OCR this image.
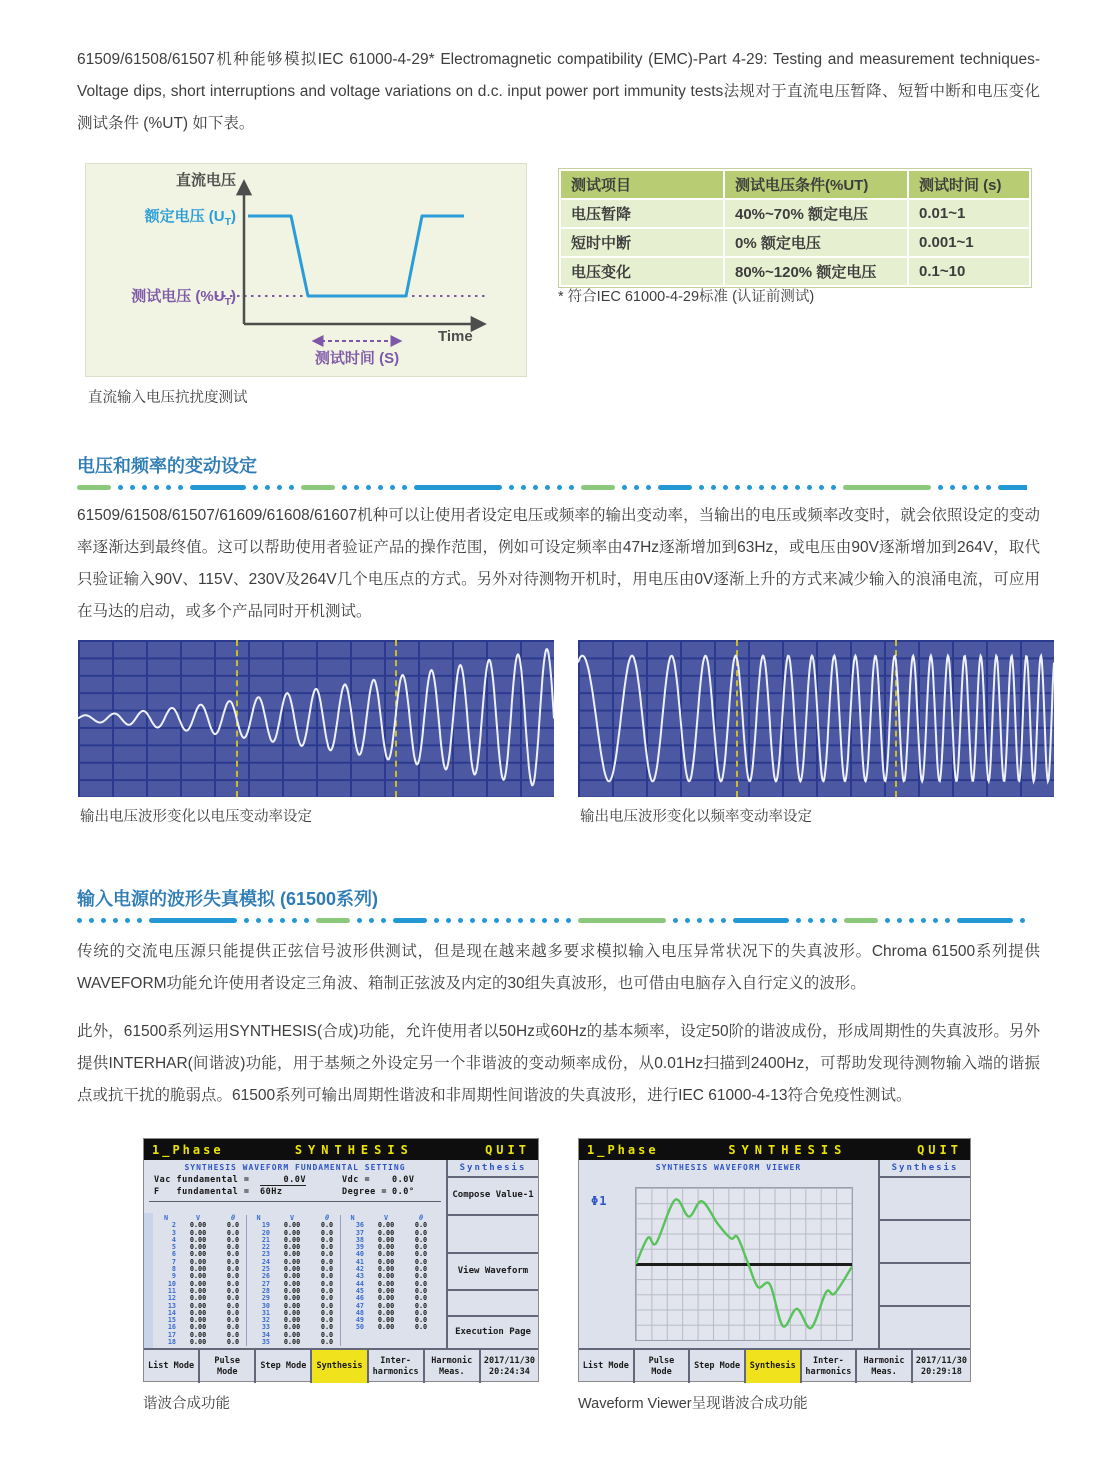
61509/61508/61507机种能够模拟IEC 61000-4-29* Electromagnetic compatibility (EMC)-Part 4-29: Testing and measurement techniques-Voltage dips, short interruptions and voltage variations on d.c. input power port immunity tests法规对于直流电压暂降、短暂中断和电压变化测试条件 (%UT) 如下表。
直流电压
Time
额定电压 $(U_T)$
测试电压 $(\%U_T)$
测试时间 (S)
直流输入电压抗扰度测试
测试项目	测试电压条件(%UT)	测试时间 (s)
电压暂降	40%~70% 额定电压	0.01~1
短时中断	0% 额定电压	0.001~1
电压变化	80%~120% 额定电压	0.1~10
* 符合IEC 61000-4-29标准 (认证前测试)
电压和频率的变动设定
61509/61508/61507/61609/61608/61607机种可以让使用者设定电压或频率的输出变动率，当输出的电压或频率改变时，就会依照设定的变动率逐渐达到最终值。这可以帮助使用者验证产品的操作范围，例如可设定频率由47Hz逐渐增加到63Hz，或电压由90V逐渐增加到264V，取代只验证输入90V、115V、230V及264V几个电压点的方式。另外对待测物开机时，用电压由0V逐渐上升的方式来减少输入的浪涌电流，可应用在马达的启动，或多个产品同时开机测试。
输出电压波形变化以电压变动率设定	输出电压波形变化以频率变动率设定
输入电源的波形失真模拟 (61500系列)
传统的交流电压源只能提供正弦信号波形供测试，但是现在越来越多要求模拟输入电压异常状况下的失真波形。Chroma 61500系列提供WAVEFORM功能允许使用者设定三角波、箱制正弦波及内定的30组失真波形，也可借由电脑存入自行定义的波形。
此外，61500系列运用SYNTHESIS(合成)功能，允许使用者以50Hz或60Hz的基本频率，设定50阶的谐波成份，形成周期性的失真波形。另外提供INTERHAR(间谐波)功能，用于基频之外设定另一个非谐波的变动频率成份，从0.01Hz扫描到2400Hz，可帮助发现待测物输入端的谐振点或抗干扰的脆弱点。61500系列可输出周期性谐波和非周期性间谐波的失真波形，进行IEC 61000-4-13符合免疫性测试。
1_Phase	SYNTHESIS	QUIT
SYNTHESIS WAVEFORM FUNDAMENTAL SETTING
Vac fundamental =	0.0V	Vdc =	0.0V
F   fundamental = 60Hz	Degree = 0.0°
N	V	θ	N	V	θ	N	V	θ
2	0.00	0.0	19	0.00	0.0	36	0.00	0.0
3	0.00	0.0	20	0.00	0.0	37	0.00	0.0
4	0.00	0.0	21	0.00	0.0	38	0.00	0.0
5	0.00	0.0	22	0.00	0.0	39	0.00	0.0
6	0.00	0.0	23	0.00	0.0	40	0.00	0.0
7	0.00	0.0	24	0.00	0.0	41	0.00	0.0
8	0.00	0.0	25	0.00	0.0	42	0.00	0.0
9	0.00	0.0	26	0.00	0.0	43	0.00	0.0
10	0.00	0.0	27	0.00	0.0	44	0.00	0.0
11	0.00	0.0	28	0.00	0.0	45	0.00	0.0
12	0.00	0.0	29	0.00	0.0	46	0.00	0.0
13	0.00	0.0	30	0.00	0.0	47	0.00	0.0
14	0.00	0.0	31	0.00	0.0	48	0.00	0.0
15	0.00	0.0	32	0.00	0.0	49	0.00	0.0
16	0.00	0.0	33	0.00	0.0	50	0.00	0.0
17	0.00	0.0	34	0.00	0.0
18	0.00	0.0	35	0.00	0.0
Synthesis
Compose Value-1
View Waveform
Execution Page
List Mode
Pulse Mode
Step Mode	Synthesis
Inter- harmonics
Harmonic Meas.
2017/11/30 20:24:34
1_Phase	SYNTHESIS	QUIT
SYNTHESIS WAVEFORM VIEWER
Φ1
Synthesis
List Mode
Pulse Mode
Step Mode	Synthesis
Inter- harmonics
Harmonic Meas.
2017/11/30 20:29:18
谐波合成功能	Waveform Viewer呈现谐波合成功能
